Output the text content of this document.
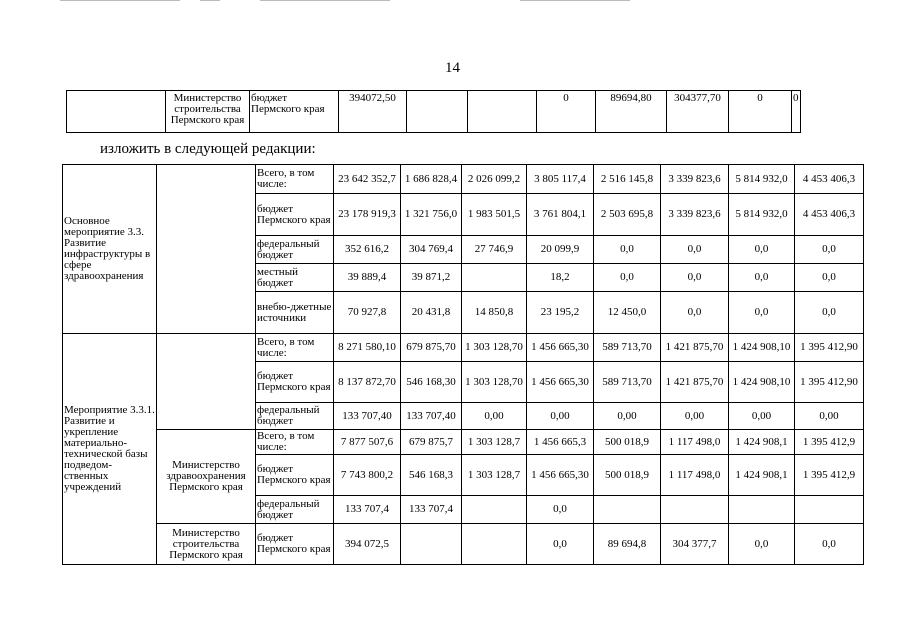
14
	Министерство строительства Пермского края	бюджет Пермского края	394072,50			0	89694,80	304377,70	0	0
изложить в следующей редакции:
Основное мероприятие 3.3. Развитие инфраструктуры в сфере здравоохранения		Всего, в том числе:	23 642 352,7	1 686 828,4	2 026 099,2	3 805 117,4	2 516 145,8	3 339 823,6	5 814 932,0	4 453 406,3
		бюджет Пермского края	23 178 919,3	1 321 756,0	1 983 501,5	3 761 804,1	2 503 695,8	3 339 823,6	5 814 932,0	4 453 406,3
		федеральный бюджет	352 616,2	304 769,4	27 746,9	20 099,9	0,0	0,0	0,0	0,0
		местный бюджет	39 889,4	39 871,2		18,2	0,0	0,0	0,0	0,0
		внебю-джетные источники	70 927,8	20 431,8	14 850,8	23 195,2	12 450,0	0,0	0,0	0,0
Мероприятие 3.3.1. Развитие и укрепление материально-технической базы подведом-ственных учреждений		Всего, в том числе:	8 271 580,10	679 875,70	1 303 128,70	1 456 665,30	589 713,70	1 421 875,70	1 424 908,10	1 395 412,90
		бюджет Пермского края	8 137 872,70	546 168,30	1 303 128,70	1 456 665,30	589 713,70	1 421 875,70	1 424 908,10	1 395 412,90
		федеральный бюджет	133 707,40	133 707,40	0,00	0,00	0,00	0,00	0,00	0,00
	Министерство здравоохранения Пермского края	Всего, в том числе:	7 877 507,6	679 875,7	1 303 128,7	1 456 665,3	500 018,9	1 117 498,0	1 424 908,1	1 395 412,9
		бюджет Пермского края	7 743 800,2	546 168,3	1 303 128,7	1 456 665,30	500 018,9	1 117 498,0	1 424 908,1	1 395 412,9
		федеральный бюджет	133 707,4	133 707,4		0,0				
	Министерство строительства Пермского края	бюджет Пермского края	394 072,5			0,0	89 694,8	304 377,7	0,0	0,0
